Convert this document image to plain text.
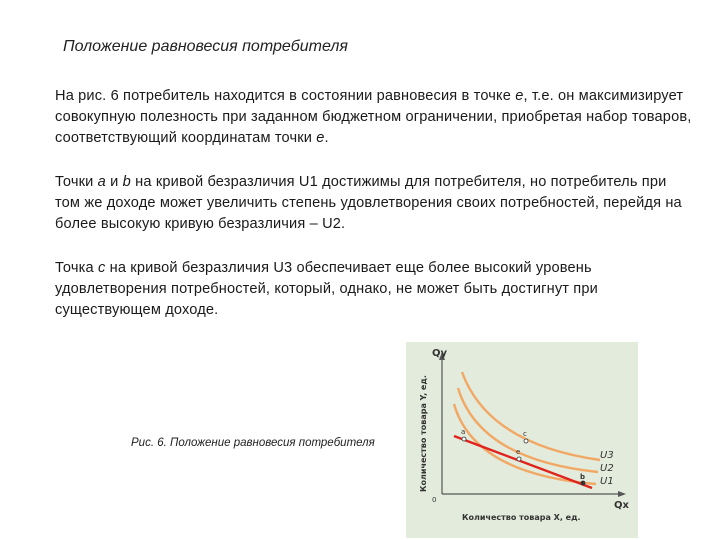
Положение равновесия потребителя
На рис. 6 потребитель находится в состоянии равновесия в точке e, т.е. он максимизирует совокупную полезность при заданном бюджетном ограничении, приобретая набор товаров, соответствующий координатам точки e.
Точки a и b на кривой безразличия U1 достижимы для потребителя, но потребитель при том же доходе может увеличить степень удовлетворения своих потребностей, перейдя на более высокую кривую безразличия – U2.
Точка c на кривой безразличия U3 обеспечивает еще более высокий уровень удовлетворения потребностей, который, однако, не может быть достигнут при существующем доходе.
Рис. 6. Положение равновесия потребителя
Qy
Количество товара Y, ед.
Qx
Количество товара X, ед.
0
a	c
e
b
U3
U2
U1
